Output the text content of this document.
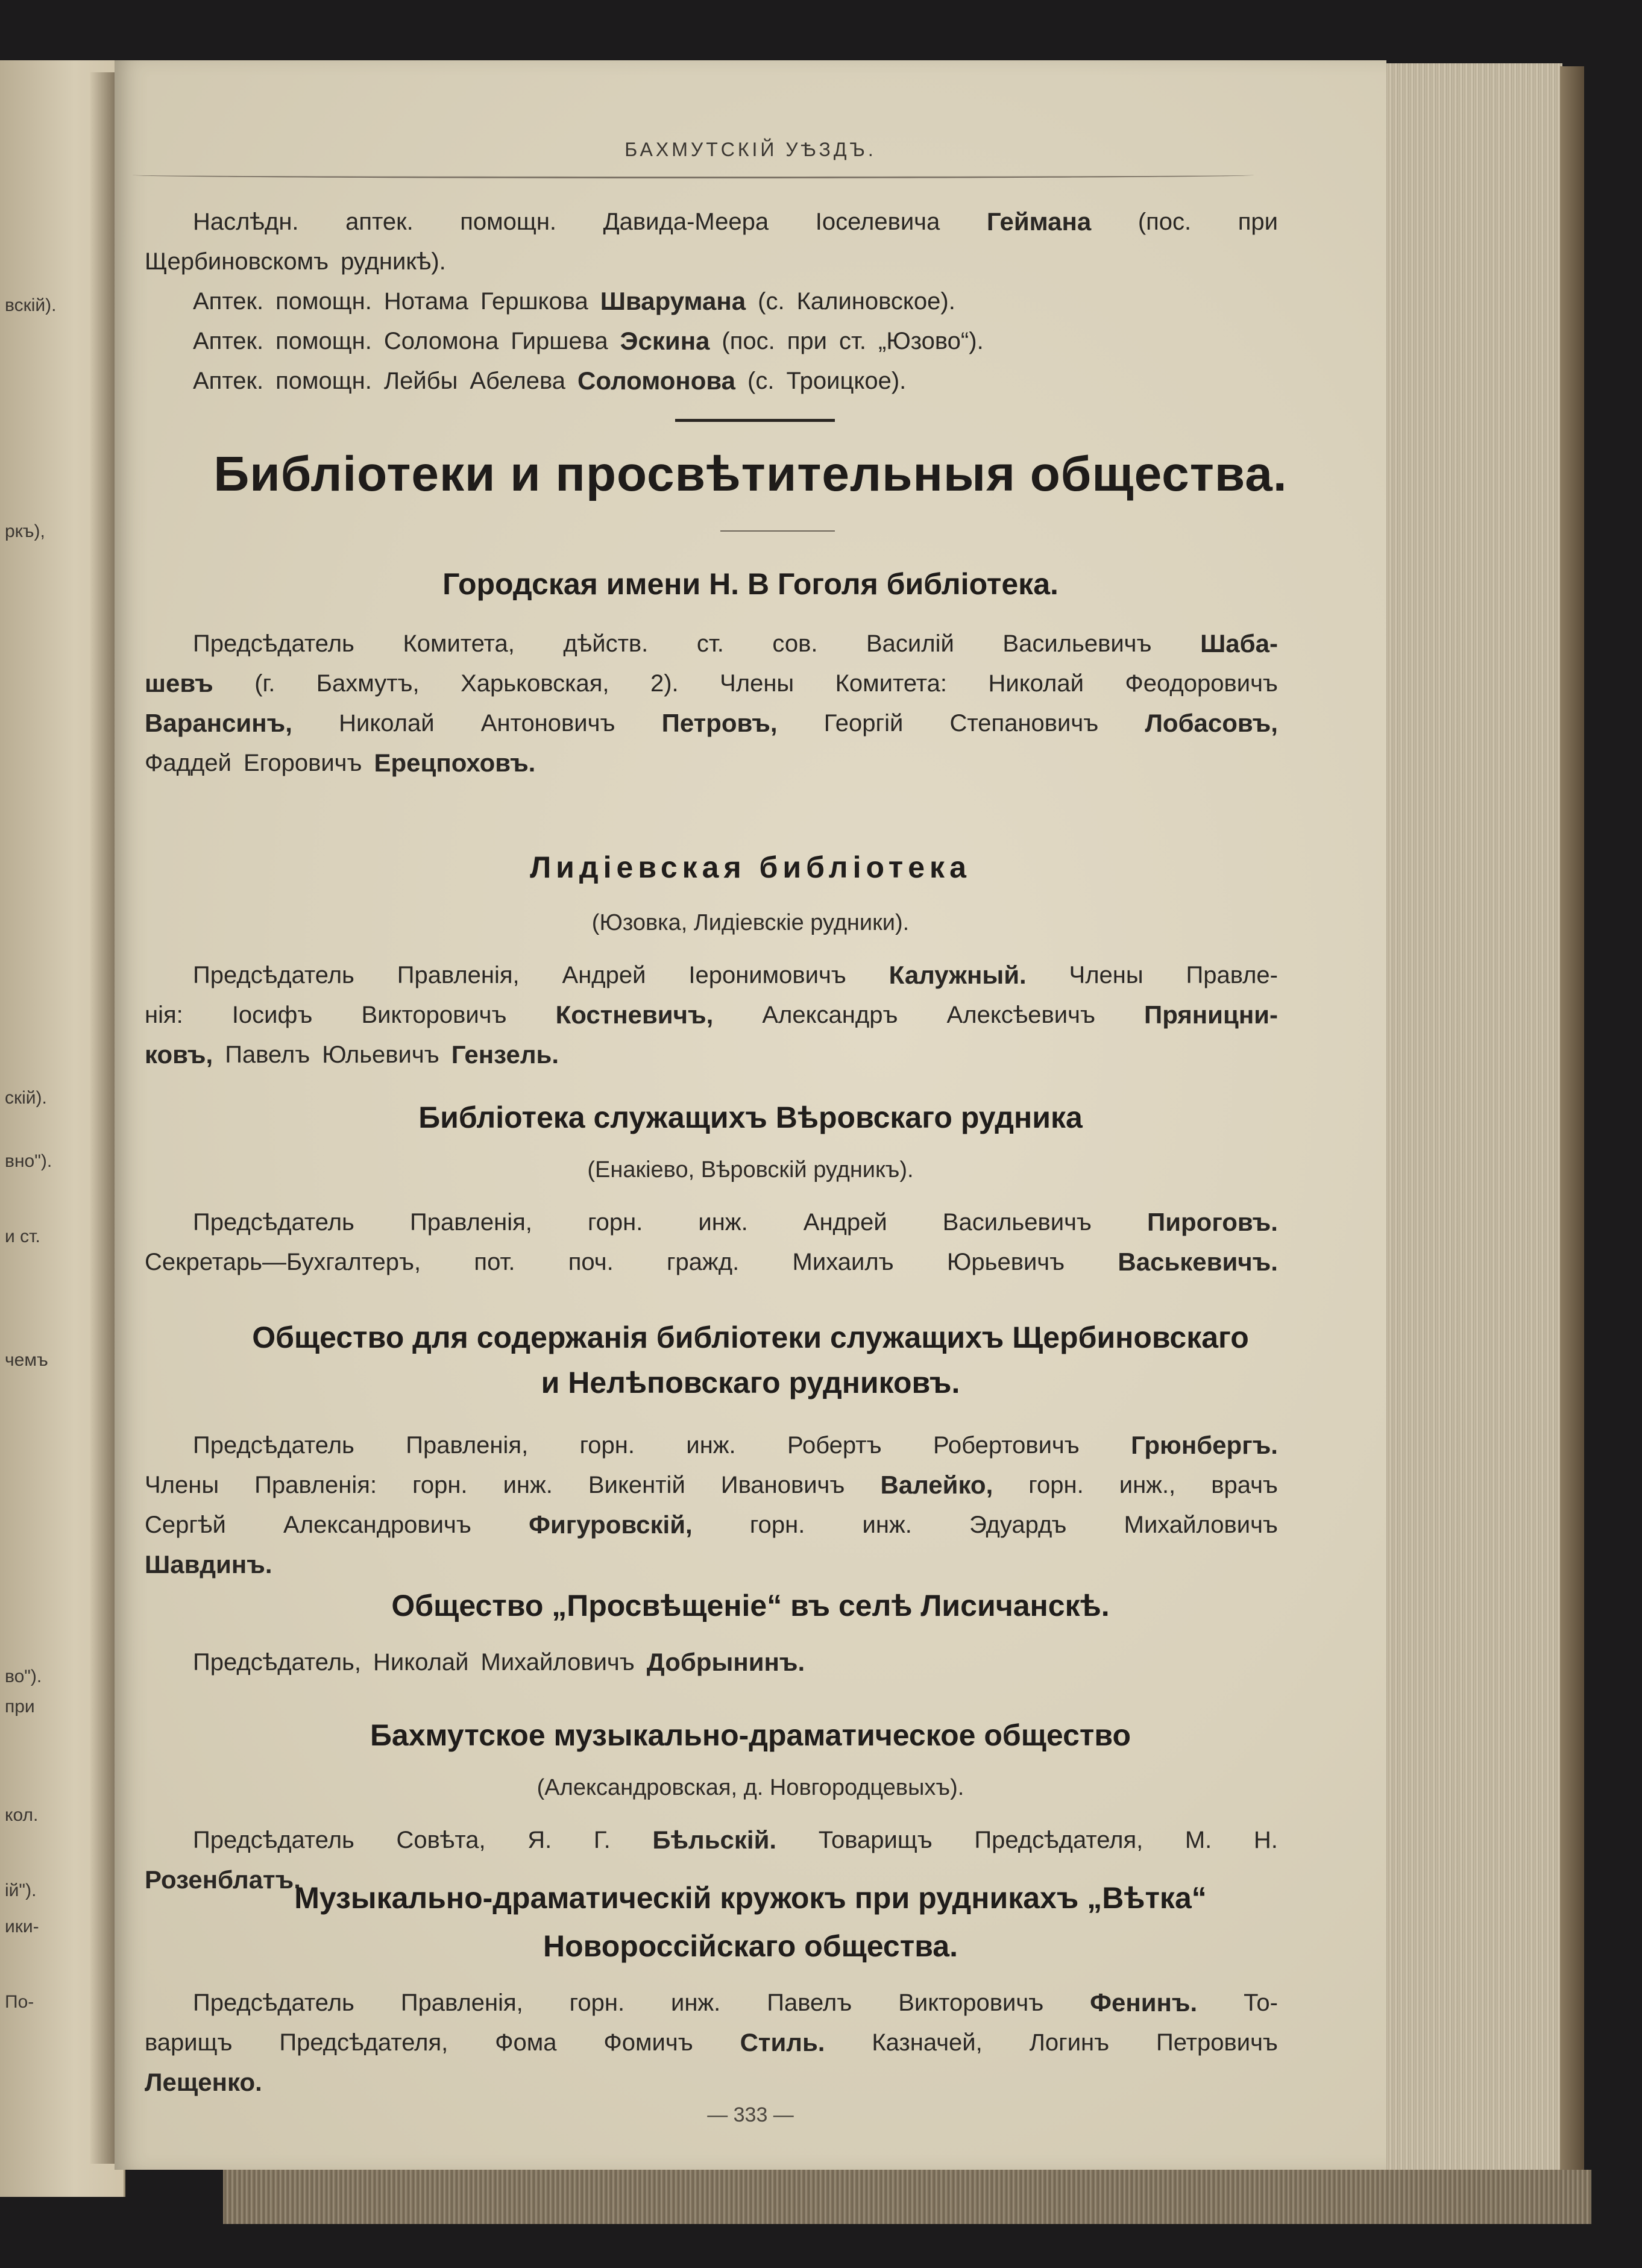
вскій).
ркъ),
скій).
вно").
и ст.
чемъ
во").
при
кол.
ій").
ики-
По-
БАХМУТСКІЙ УѢЗДЪ.
Наслѣдн. аптек. помощн. Давида-Меера Іоселевича Геймана (пос. при
Щербиновскомъ рудникѣ).
Аптек. помощн. Нотама Гершкова Шварумана (с. Калиновское).
Аптек. помощн. Соломона Гиршева Эскина (пос. при ст. „Юзово“).
Аптек. помощн. Лейбы Абелева Соломонова (с. Троицкое).
Библіотеки и просвѣтительныя общества.
Городская имени Н. В Гоголя библіотека.
Предсѣдатель Комитета, дѣйств. ст. сов. Василій Васильевичъ Шаба-
шевъ (г. Бахмутъ, Харьковская, 2). Члены Комитета: Николай Феодоровичъ
Варансинъ, Николай Антоновичъ Петровъ, Георгій Степановичъ Лобасовъ,
Фаддей Егоровичъ Ерецпоховъ.
Лидіевская библіотека
(Юзовка, Лидіевскіе рудники).
Предсѣдатель Правленія, Андрей Іеронимовичъ Калужный. Члены Правле-
нія: Іосифъ Викторовичъ Костневичъ, Александръ Алексѣевичъ Пряницни-
ковъ, Павелъ Юльевичъ Гензель.
Библіотека служащихъ Вѣровскаго рудника
(Енакіево, Вѣровскій рудникъ).
Предсѣдатель Правленія, горн. инж. Андрей Васильевичъ Пироговъ.
Секретарь—Бухгалтеръ, пот. поч. гражд. Михаилъ Юрьевичъ Васькевичъ.
Общество для содержанія библіотеки служащихъ Щербиновскаго
и Нелѣповскаго рудниковъ.
Предсѣдатель Правленія, горн. инж. Робертъ Робертовичъ Грюнбергъ.
Члены Правленія: горн. инж. Викентій Ивановичъ Валейко, горн. инж., врачъ
Сергѣй Александровичъ Фигуровскій, горн. инж. Эдуардъ Михайловичъ
Шавдинъ.
Общество „Просвѣщеніе“ въ селѣ Лисичанскѣ.
Предсѣдатель, Николай Михайловичъ Добрынинъ.
Бахмутское музыкально-драматическое общество
(Александровская, д. Новгородцевыхъ).
Предсѣдатель Совѣта, Я. Г. Бѣльскій. Товарищъ Предсѣдателя, М. Н.
Розенблатъ.
Музыкально-драматическій кружокъ при рудникахъ „Вѣтка“
Новороссійскаго общества.
Предсѣдатель Правленія, горн. инж. Павелъ Викторовичъ Фенинъ. То-
варищъ Предсѣдателя, Фома Фомичъ Стиль. Казначей, Логинъ Петровичъ
Лещенко.
— 333 —
